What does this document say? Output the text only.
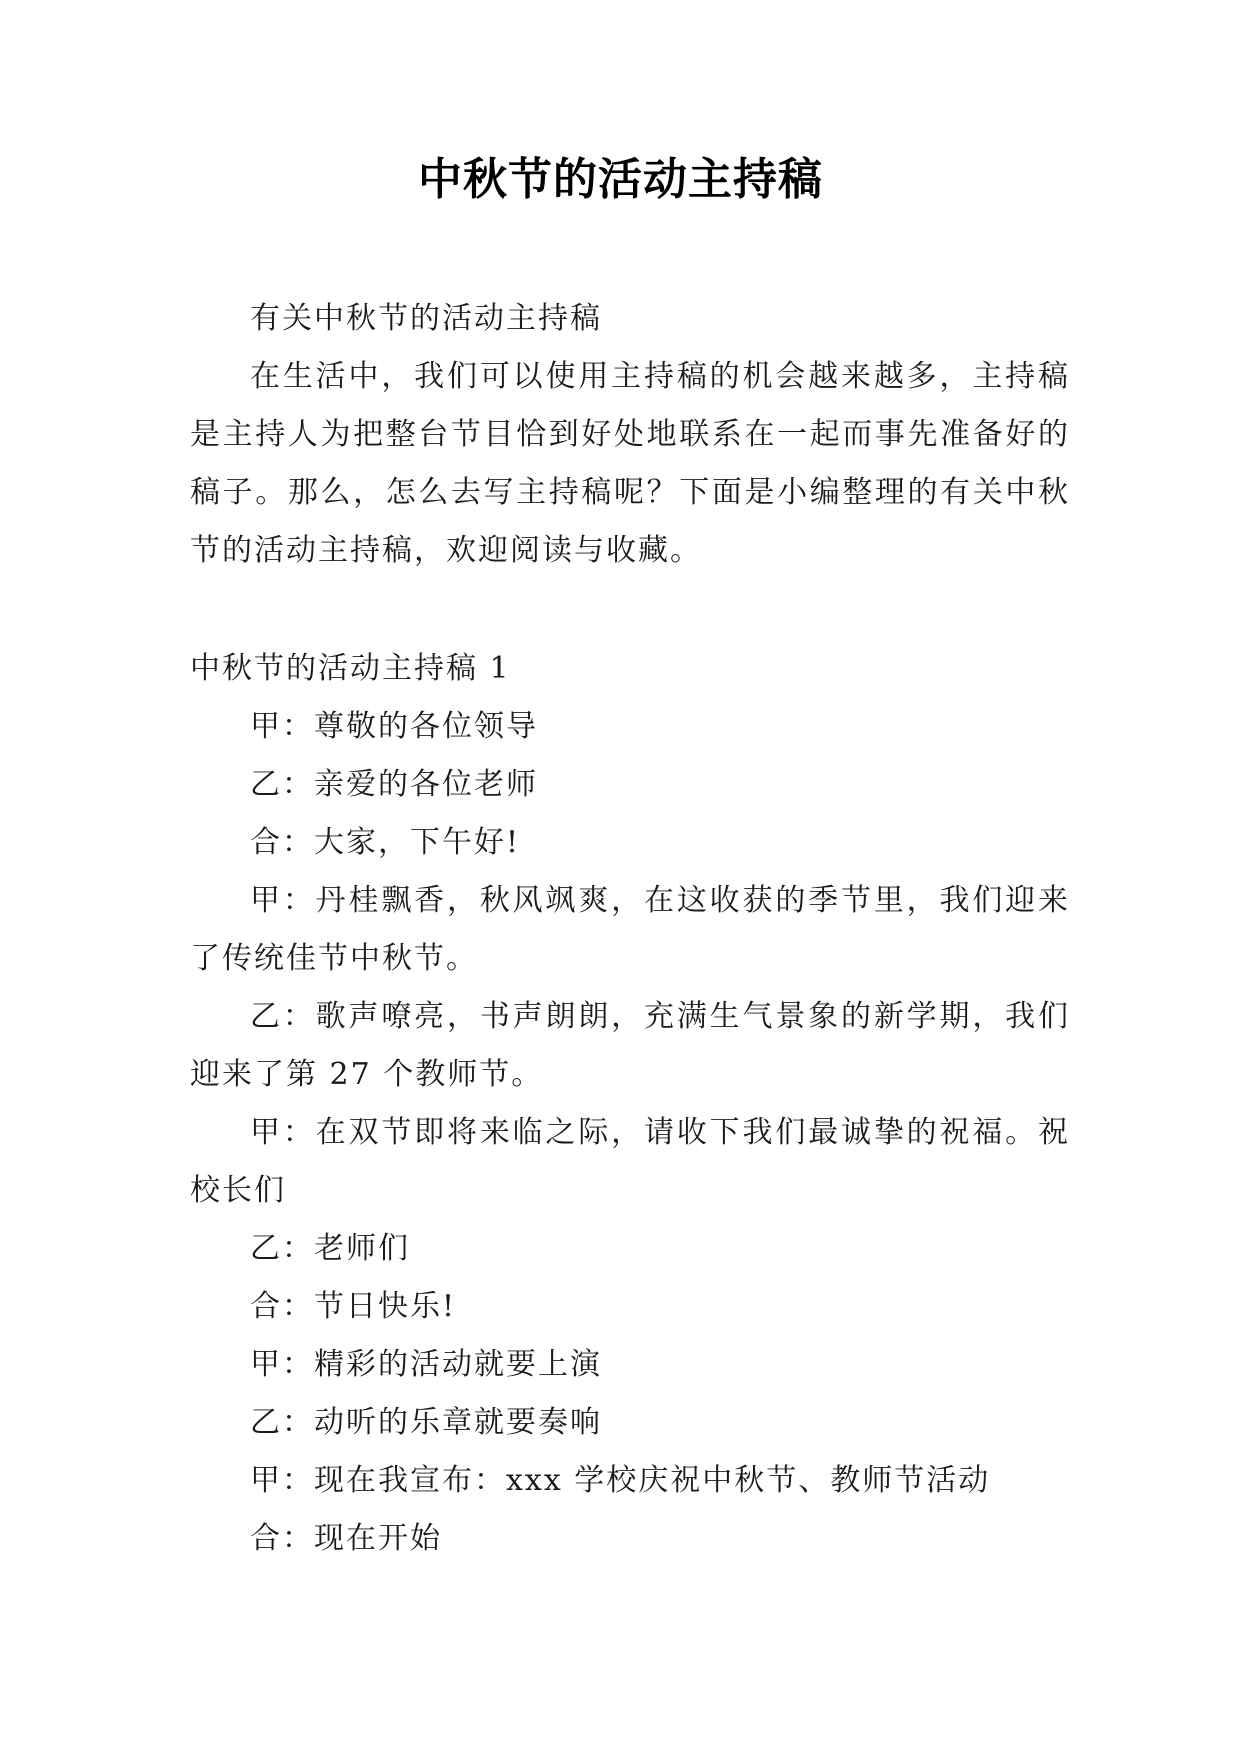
中秋节的活动主持稿

有关中秋节的活动主持稿

在生活中，我们可以使用主持稿的机会越来越多，主持稿是主持人为把整台节目恰到好处地联系在一起而事先准备好的稿子。那么，怎么去写主持稿呢？下面是小编整理的有关中秋节的活动主持稿，欢迎阅读与收藏。

中秋节的活动主持稿 1

甲：尊敬的各位领导

乙：亲爱的各位老师

合：大家，下午好!

甲：丹桂飘香，秋风飒爽，在这收获的季节里，我们迎来了传统佳节中秋节。

乙：歌声嘹亮，书声朗朗，充满生气景象的新学期，我们迎来了第 27 个教师节。

甲：在双节即将来临之际，请收下我们最诚挚的祝福。祝校长们

乙：老师们

合：节日快乐!

甲：精彩的活动就要上演

乙：动听的乐章就要奏响

甲：现在我宣布：xxx 学校庆祝中秋节、教师节活动

合：现在开始
